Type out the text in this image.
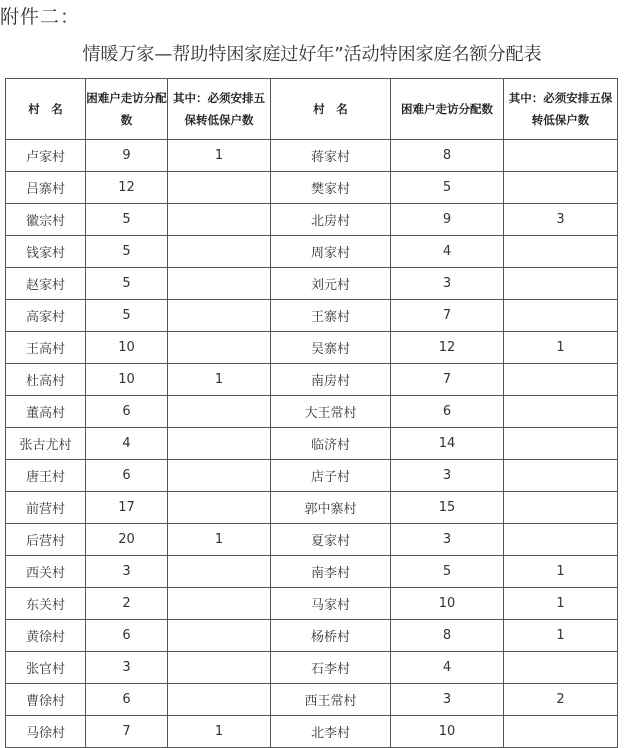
附件二：
情暖万家—帮助特困家庭过好年”活动特困家庭名额分配表
村　名	困难户走访分配数	其中：必须安排五保转低保户数	村　名	困难户走访分配数	其中：必须安排五保转低保户数
卢家村	9	1	蒋家村	8	
吕寨村	12		樊家村	5	
徽宗村	5		北房村	9	3
钱家村	5		周家村	4	
赵家村	5		刘元村	3	
高家村	5		王寨村	7	
王高村	10		吴寨村	12	1
杜高村	10	1	南房村	7	
董高村	6		大王常村	6	
张古尤村	4		临济村	14	
唐王村	6		店子村	3	
前营村	17		郭中寨村	15	
后营村	20	1	夏家村	3	
西关村	3		南李村	5	1
东关村	2		马家村	10	1
黄徐村	6		杨桥村	8	1
张官村	3		石李村	4	
曹徐村	6		西王常村	3	2
马徐村	7	1	北李村	10	
